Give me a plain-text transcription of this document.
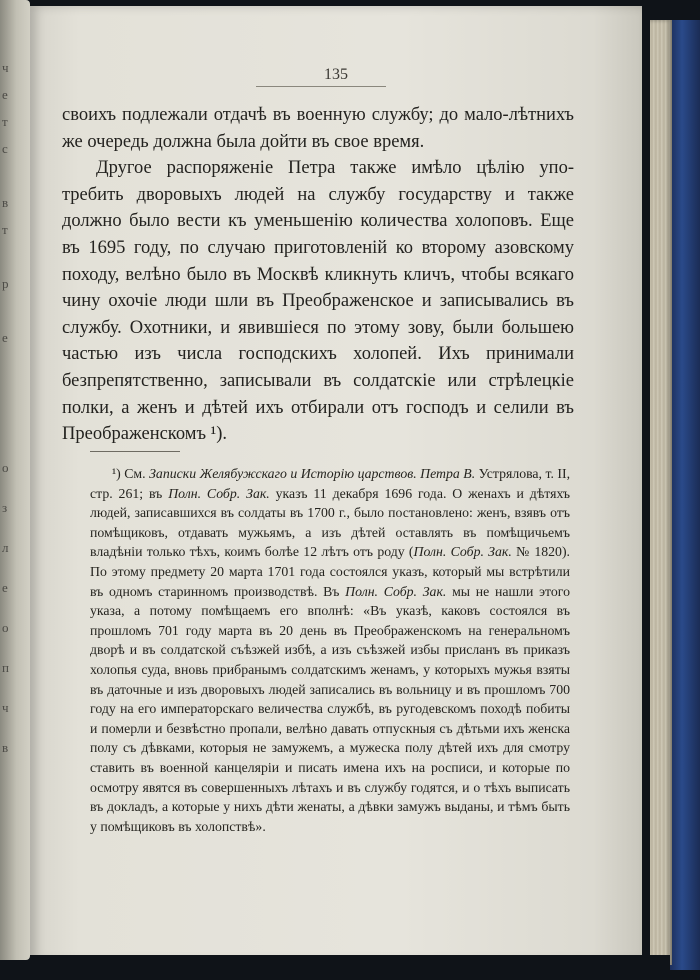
ч
е
т
с
в
т
р
е
о
з
л
е
о
п
ч
в
135

своихъ подлежали отдачѣ въ военную службу; до мало-лѣтнихъ же очередь должна была дойти въ свое время.

Другое распоряженіе Петра также имѣло цѣлію упо-требить дворовыхъ людей на службу государству и также должно было вести къ уменьшенію количества холоповъ. Еще въ 1695 году, по случаю приготовленій ко второму азовскому походу, велѣно было въ Москвѣ кликнуть кличъ, чтобы всякаго чину охочіе люди шли въ Преображенское и записывались въ службу. Охотники, и явившіеся по этому зову, были большею частью изъ числа господскихъ холопей. Ихъ принимали безпрепятственно, записывали въ солдатскіе или стрѣлецкіе полки, а женъ и дѣтей ихъ отбирали отъ господъ и селили въ Преображенскомъ ¹).

¹) См. Записки Желябужскаго и Исторію царствов. Петра В. Устрялова, т. II, стр. 261; въ Полн. Собр. Зак. указъ 11 декабря 1696 года. О женахъ и дѣтяхъ людей, записавшихся въ солдаты въ 1700 г., было постановлено: женъ, взявъ отъ помѣщиковъ, отдавать мужьямъ, а изъ дѣтей оставлять въ помѣщичьемъ владѣніи только тѣхъ, коимъ болѣе 12 лѣтъ отъ роду (Полн. Собр. Зак. № 1820). По этому предмету 20 марта 1701 года состоялся указъ, который мы встрѣтили въ одномъ старинномъ производствѣ. Въ Полн. Собр. Зак. мы не нашли этого указа, а потому помѣщаемъ его вполнѣ: «Въ указѣ, каковъ состоялся въ прошломъ 701 году марта въ 20 день въ Преображенскомъ на генеральномъ дворѣ и въ солдатской съѣзжей избѣ, а изъ съѣзжей избы присланъ въ приказъ холопья суда, вновь прибранымъ солдатскимъ женамъ, у которыхъ мужья взяты въ даточные и изъ дворовыхъ людей записались въ вольницу и въ прошломъ 700 году на его императорскаго величества службѣ, въ ругодевскомъ походѣ побиты и померли и безвѣстно пропали, велѣно давать отпускныя съ дѣтьми ихъ женска полу съ дѣвками, которыя не замужемъ, а мужеска полу дѣтей ихъ для смотру ставить въ военной канцеляріи и писать имена ихъ на росписи, и которые по осмотру явятся въ совершенныхъ лѣтахъ и въ службу годятся, и о тѣхъ выписать въ докладъ, а которые у нихъ дѣти женаты, а дѣвки замужъ выданы, и тѣмъ быть у помѣщиковъ въ холопствѣ».
